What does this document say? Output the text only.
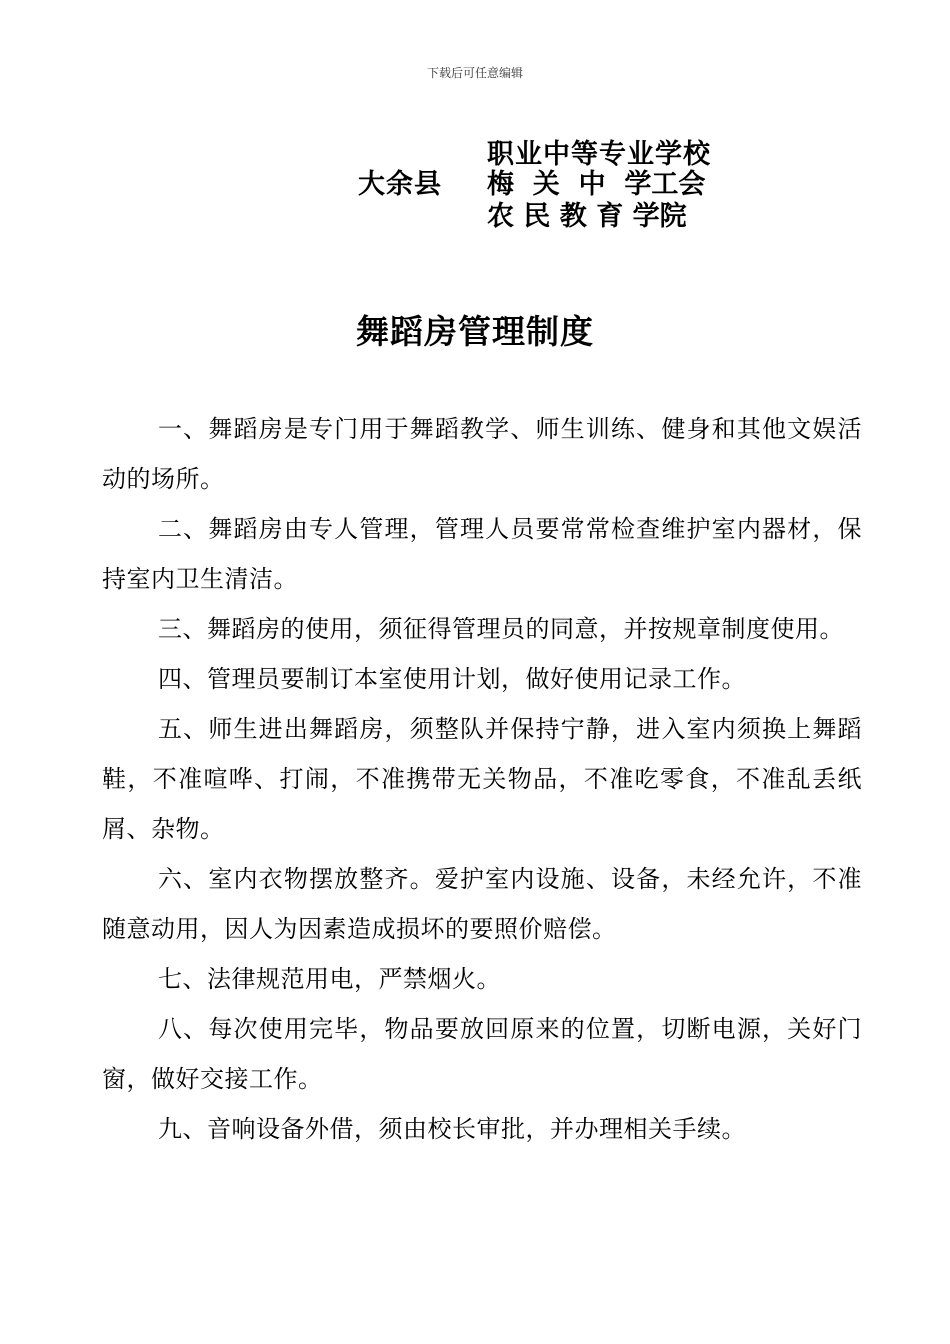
下载后可任意编辑
大余县
职业中等专业学校
梅  关  中  学工会
农 民 教 育 学院
舞蹈房管理制度

一、舞蹈房是专门用于舞蹈教学、师生训练、健身和其他文娱活动的场所。

二、舞蹈房由专人管理，管理人员要常常检查维护室内器材，保持室内卫生清洁。

三、舞蹈房的使用，须征得管理员的同意，并按规章制度使用。

四、管理员要制订本室使用计划，做好使用记录工作。

五、师生进出舞蹈房，须整队并保持宁静，进入室内须换上舞蹈鞋，不准喧哗、打闹，不准携带无关物品，不准吃零食，不准乱丢纸屑、杂物。

六、室内衣物摆放整齐。爱护室内设施、设备，未经允许，不准随意动用，因人为因素造成损坏的要照价赔偿。

七、法律规范用电，严禁烟火。

八、每次使用完毕，物品要放回原来的位置，切断电源，关好门窗，做好交接工作。

九、音响设备外借，须由校长审批，并办理相关手续。
